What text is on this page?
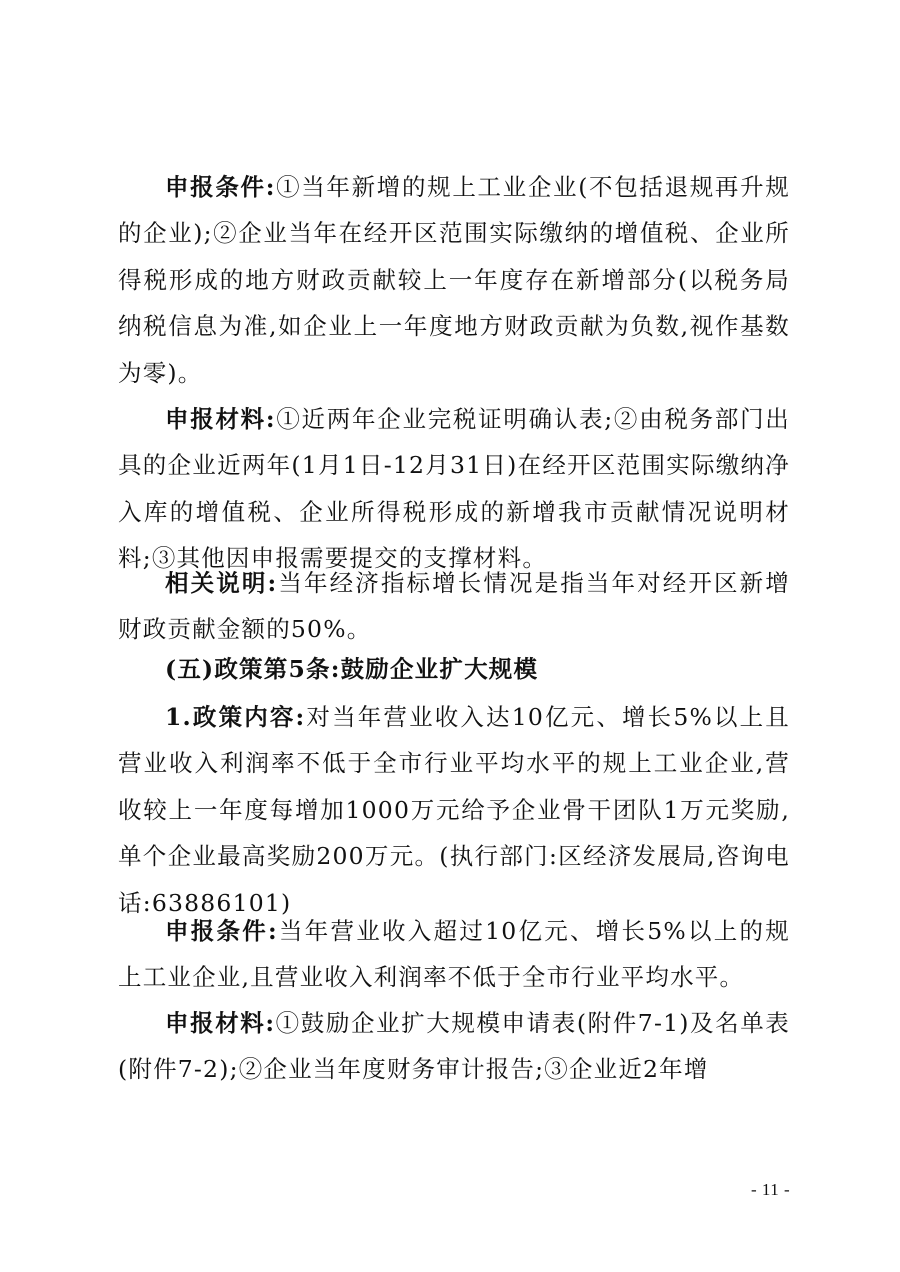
申报条件:①当年新增的规上工业企业(不包括退规再升规的企业);②企业当年在经开区范围实际缴纳的增值税、企业所得税形成的地方财政贡献较上一年度存在新增部分(以税务局纳税信息为准,如企业上一年度地方财政贡献为负数,视作基数为零)。

申报材料:①近两年企业完税证明确认表;②由税务部门出具的企业近两年(1月1日-12月31日)在经开区范围实际缴纳净入库的增值税、企业所得税形成的新增我市贡献情况说明材料;③其他因申报需要提交的支撑材料。

相关说明:当年经济指标增长情况是指当年对经开区新增财政贡献金额的50%。

(五)政策第5条:鼓励企业扩大规模

1.政策内容:对当年营业收入达10亿元、增长5%以上且营业收入利润率不低于全市行业平均水平的规上工业企业,营收较上一年度每增加1000万元给予企业骨干团队1万元奖励,单个企业最高奖励200万元。(执行部门:区经济发展局,咨询电话:63886101)

申报条件:当年营业收入超过10亿元、增长5%以上的规上工业企业,且营业收入利润率不低于全市行业平均水平。

申报材料:①鼓励企业扩大规模申请表(附件7-1)及名单表(附件7-2);②企业当年度财务审计报告;③企业近2年增

- 11 -
